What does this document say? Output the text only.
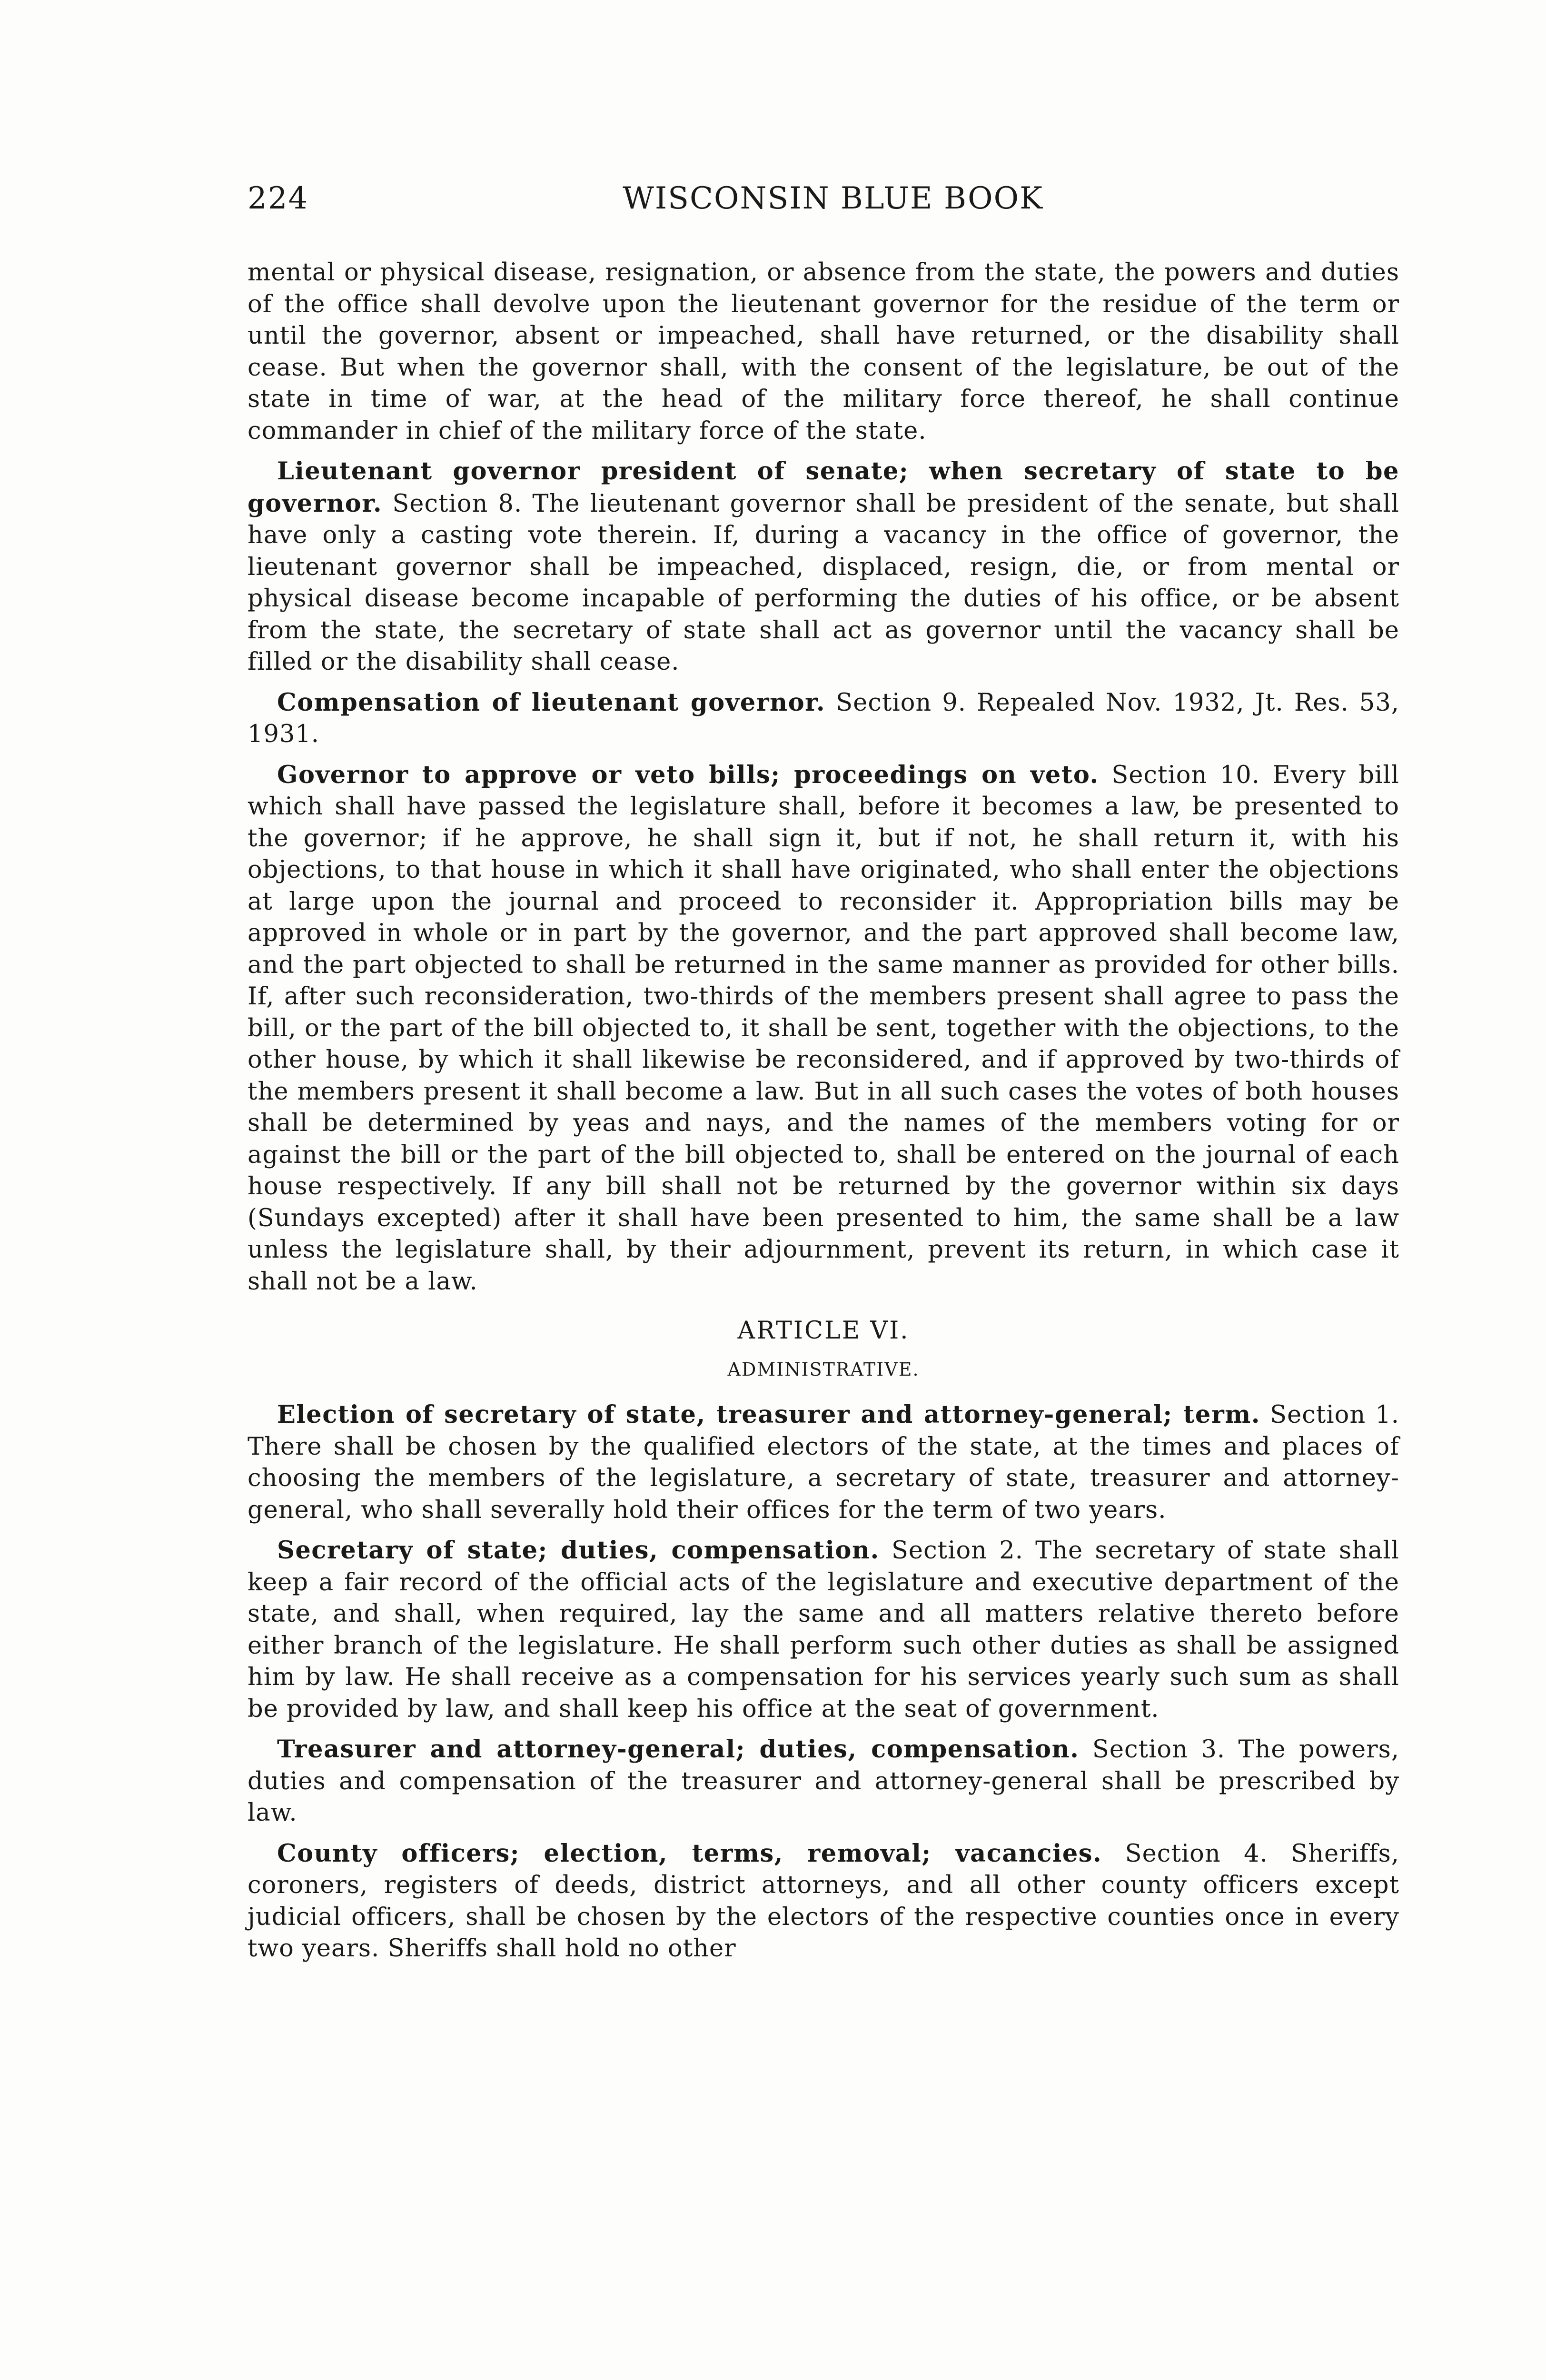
224	WISCONSIN BLUE BOOK

mental or physical disease, resignation, or absence from the state, the powers and duties of the office shall devolve upon the lieutenant governor for the residue of the term or until the governor, absent or impeached, shall have returned, or the disability shall cease. But when the governor shall, with the consent of the legislature, be out of the state in time of war, at the head of the military force thereof, he shall continue commander in chief of the military force of the state.

Lieutenant governor president of senate; when secretary of state to be governor. Section 8. The lieutenant governor shall be president of the senate, but shall have only a casting vote therein. If, during a vacancy in the office of governor, the lieutenant governor shall be impeached, displaced, resign, die, or from mental or physical disease become incapable of performing the duties of his office, or be absent from the state, the secretary of state shall act as governor until the vacancy shall be filled or the disability shall cease.

Compensation of lieutenant governor. Section 9. Repealed Nov. 1932, Jt. Res. 53, 1931.

Governor to approve or veto bills; proceedings on veto. Section 10. Every bill which shall have passed the legislature shall, before it becomes a law, be presented to the governor; if he approve, he shall sign it, but if not, he shall return it, with his objections, to that house in which it shall have originated, who shall enter the objections at large upon the journal and proceed to reconsider it. Appropriation bills may be approved in whole or in part by the governor, and the part approved shall become law, and the part objected to shall be returned in the same manner as provided for other bills. If, after such reconsideration, two-thirds of the members present shall agree to pass the bill, or the part of the bill objected to, it shall be sent, together with the objections, to the other house, by which it shall likewise be reconsidered, and if approved by two-thirds of the members present it shall become a law. But in all such cases the votes of both houses shall be determined by yeas and nays, and the names of the members voting for or against the bill or the part of the bill objected to, shall be entered on the journal of each house respectively. If any bill shall not be returned by the governor within six days (Sundays excepted) after it shall have been presented to him, the same shall be a law unless the legislature shall, by their adjournment, prevent its return, in which case it shall not be a law.

ARTICLE VI.
ADMINISTRATIVE.

Election of secretary of state, treasurer and attorney-general; term. Section 1. There shall be chosen by the qualified electors of the state, at the times and places of choosing the members of the legislature, a secretary of state, treasurer and attorney-general, who shall severally hold their offices for the term of two years.

Secretary of state; duties, compensation. Section 2. The secretary of state shall keep a fair record of the official acts of the legislature and executive department of the state, and shall, when required, lay the same and all matters relative thereto before either branch of the legislature. He shall perform such other duties as shall be assigned him by law. He shall receive as a compensation for his services yearly such sum as shall be provided by law, and shall keep his office at the seat of government.

Treasurer and attorney-general; duties, compensation. Section 3. The powers, duties and compensation of the treasurer and attorney-general shall be prescribed by law.

County officers; election, terms, removal; vacancies. Section 4. Sheriffs, coroners, registers of deeds, district attorneys, and all other county officers except judicial officers, shall be chosen by the electors of the respective counties once in every two years. Sheriffs shall hold no other
